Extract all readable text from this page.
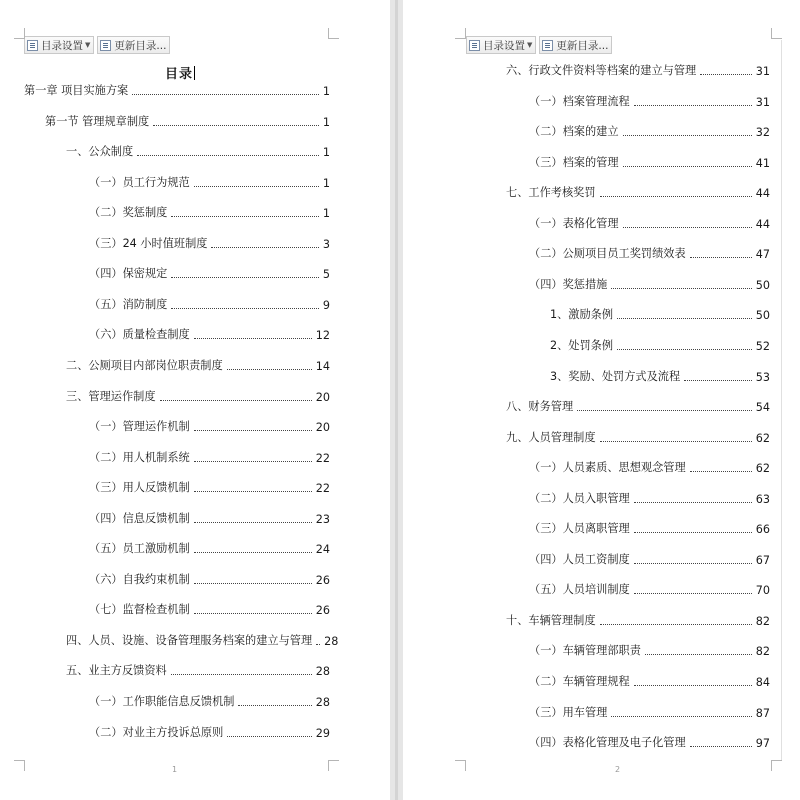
目录设置 ▼ 更新目录...
目录
第一章 项目实施方案	1
第一节 管理规章制度	1
一、公众制度	1
（一）员工行为规范	1
（二）奖惩制度	1
（三）24 小时值班制度	3
（四）保密规定	5
（五）消防制度	9
（六）质量检查制度	12
二、公厕项目内部岗位职责制度	14
三、管理运作制度	20
（一）管理运作机制	20
（二）用人机制系统	22
（三）用人反馈机制	22
（四）信息反馈机制	23
（五）员工激励机制	24
（六）自我约束机制	26
（七）监督检查机制	26
四、人员、设施、设备管理服务档案的建立与管理 28
五、业主方反馈资料	28
（一）工作职能信息反馈机制	28
（二）对业主方投诉总原则	29
1
目录设置 ▼ 更新目录...
六、行政文件资料等档案的建立与管理	31
（一）档案管理流程	31
（二）档案的建立	32
（三）档案的管理	41
七、工作考核奖罚	44
（一）表格化管理	44
（二）公厕项目员工奖罚绩效表	47
（四）奖惩措施	50
1、激励条例	50
2、处罚条例	52
3、奖励、处罚方式及流程	53
八、财务管理	54
九、人员管理制度	62
（一）人员素质、思想观念管理	62
（二）人员入职管理	63
（三）人员离职管理	66
（四）人员工资制度	67
（五）人员培训制度	70
十、车辆管理制度	82
（一）车辆管理部职责	82
（二）车辆管理规程	84
（三）用车管理	87
（四）表格化管理及电子化管理	97
2
